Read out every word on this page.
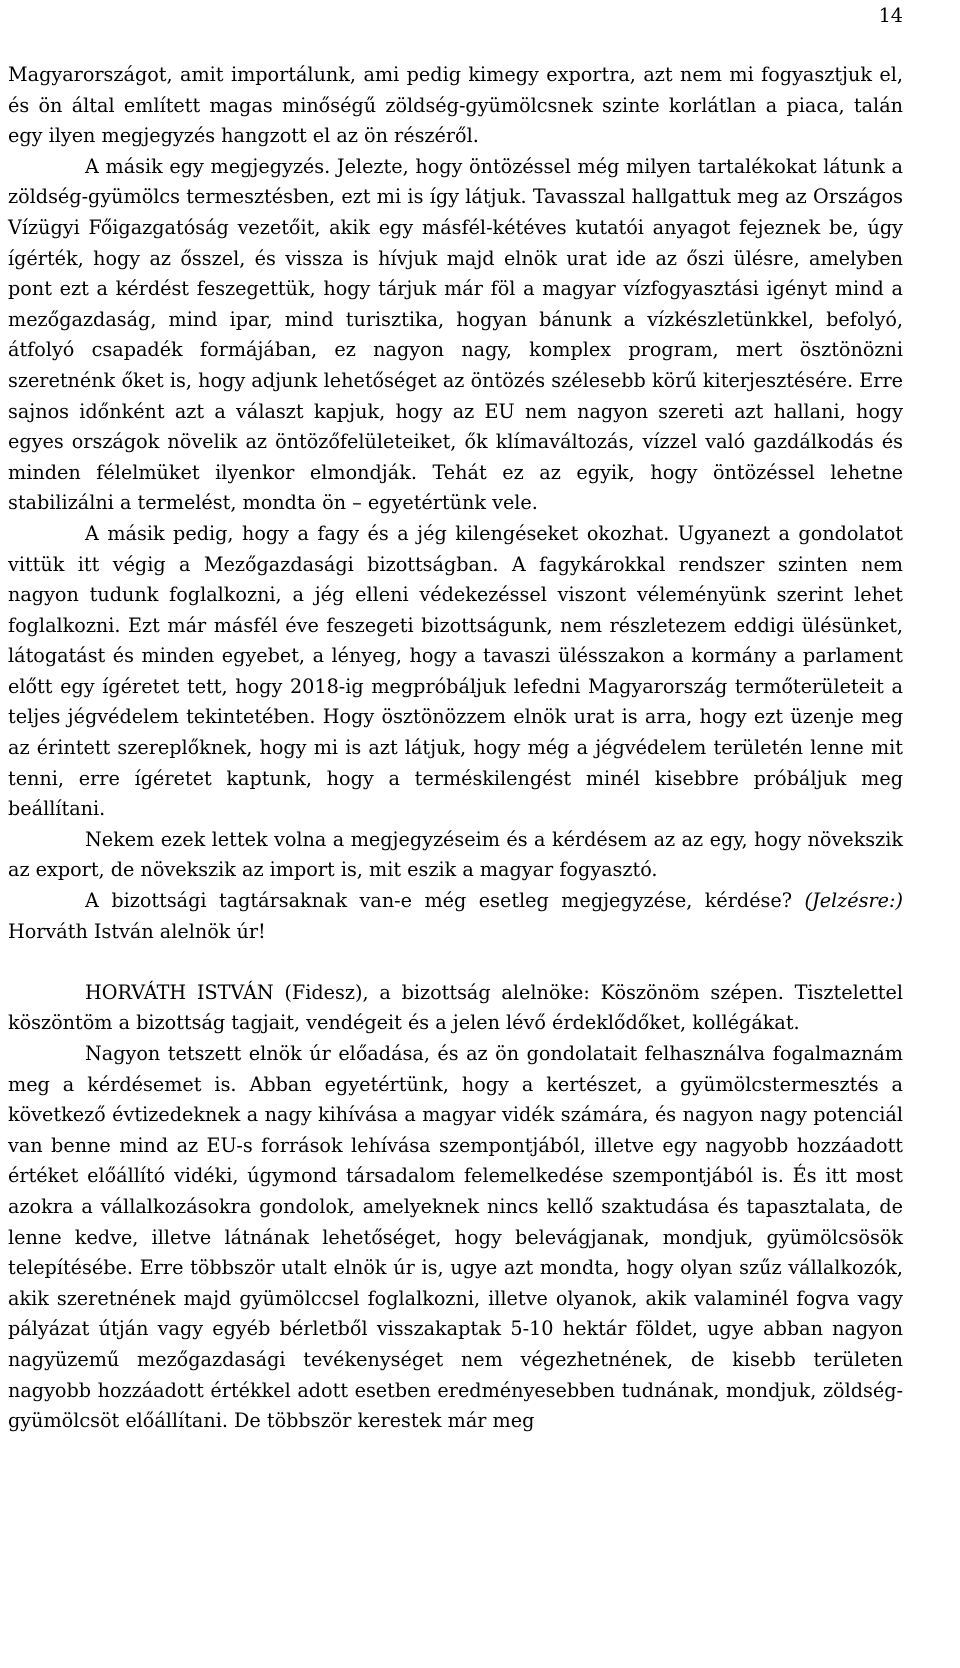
14

Magyarországot, amit importálunk, ami pedig kimegy exportra, azt nem mi fogyasztjuk el, és ön által említett magas minőségű zöldség-gyümölcsnek szinte korlátlan a piaca, talán egy ilyen megjegyzés hangzott el az ön részéről.

A másik egy megjegyzés. Jelezte, hogy öntözéssel még milyen tartalékokat látunk a zöldség-gyümölcs termesztésben, ezt mi is így látjuk. Tavasszal hallgattuk meg az Országos Vízügyi Főigazgatóság vezetőit, akik egy másfél-kétéves kutatói anyagot fejeznek be, úgy ígérték, hogy az ősszel, és vissza is hívjuk majd elnök urat ide az őszi ülésre, amelyben pont ezt a kérdést feszegettük, hogy tárjuk már föl a magyar vízfogyasztási igényt mind a mezőgazdaság, mind ipar, mind turisztika, hogyan bánunk a vízkészletünkkel, befolyó, átfolyó csapadék formájában, ez nagyon nagy, komplex program, mert ösztönözni szeretnénk őket is, hogy adjunk lehetőséget az öntözés szélesebb körű kiterjesztésére. Erre sajnos időnként azt a választ kapjuk, hogy az EU nem nagyon szereti azt hallani, hogy egyes országok növelik az öntözőfelületeiket, ők klímaváltozás, vízzel való gazdálkodás és minden félelmüket ilyenkor elmondják. Tehát ez az egyik, hogy öntözéssel lehetne stabilizálni a termelést, mondta ön – egyetértünk vele.

A másik pedig, hogy a fagy és a jég kilengéseket okozhat. Ugyanezt a gondolatot vittük itt végig a Mezőgazdasági bizottságban. A fagykárokkal rendszer szinten nem nagyon tudunk foglalkozni, a jég elleni védekezéssel viszont véleményünk szerint lehet foglalkozni. Ezt már másfél éve feszegeti bizottságunk, nem részletezem eddigi ülésünket, látogatást és minden egyebet, a lényeg, hogy a tavaszi ülésszakon a kormány a parlament előtt egy ígéretet tett, hogy 2018-ig megpróbáljuk lefedni Magyarország termőterületeit a teljes jégvédelem tekintetében. Hogy ösztönözzem elnök urat is arra, hogy ezt üzenje meg az érintett szereplőknek, hogy mi is azt látjuk, hogy még a jégvédelem területén lenne mit tenni, erre ígéretet kaptunk, hogy a terméskilengést minél kisebbre próbáljuk meg beállítani.

Nekem ezek lettek volna a megjegyzéseim és a kérdésem az az egy, hogy növekszik az export, de növekszik az import is, mit eszik a magyar fogyasztó.

A bizottsági tagtársaknak van-e még esetleg megjegyzése, kérdése? (Jelzésre:) Horváth István alelnök úr!

HORVÁTH ISTVÁN (Fidesz), a bizottság alelnöke: Köszönöm szépen. Tisztelettel köszöntöm a bizottság tagjait, vendégeit és a jelen lévő érdeklődőket, kollégákat.

Nagyon tetszett elnök úr előadása, és az ön gondolatait felhasználva fogalmaznám meg a kérdésemet is. Abban egyetértünk, hogy a kertészet, a gyümölcstermesztés a következő évtizedeknek a nagy kihívása a magyar vidék számára, és nagyon nagy potenciál van benne mind az EU-s források lehívása szempontjából, illetve egy nagyobb hozzáadott értéket előállító vidéki, úgymond társadalom felemelkedése szempontjából is. És itt most azokra a vállalkozásokra gondolok, amelyeknek nincs kellő szaktudása és tapasztalata, de lenne kedve, illetve látnának lehetőséget, hogy belevágjanak, mondjuk, gyümölcsösök telepítésébe. Erre többször utalt elnök úr is, ugye azt mondta, hogy olyan szűz vállalkozók, akik szeretnének majd gyümölccsel foglalkozni, illetve olyanok, akik valaminél fogva vagy pályázat útján vagy egyéb bérletből visszakaptak 5-10 hektár földet, ugye abban nagyon nagyüzemű mezőgazdasági tevékenységet nem végezhetnének, de kisebb területen nagyobb hozzáadott értékkel adott esetben eredményesebben tudnának, mondjuk, zöldség-gyümölcsöt előállítani. De többször kerestek már meg
